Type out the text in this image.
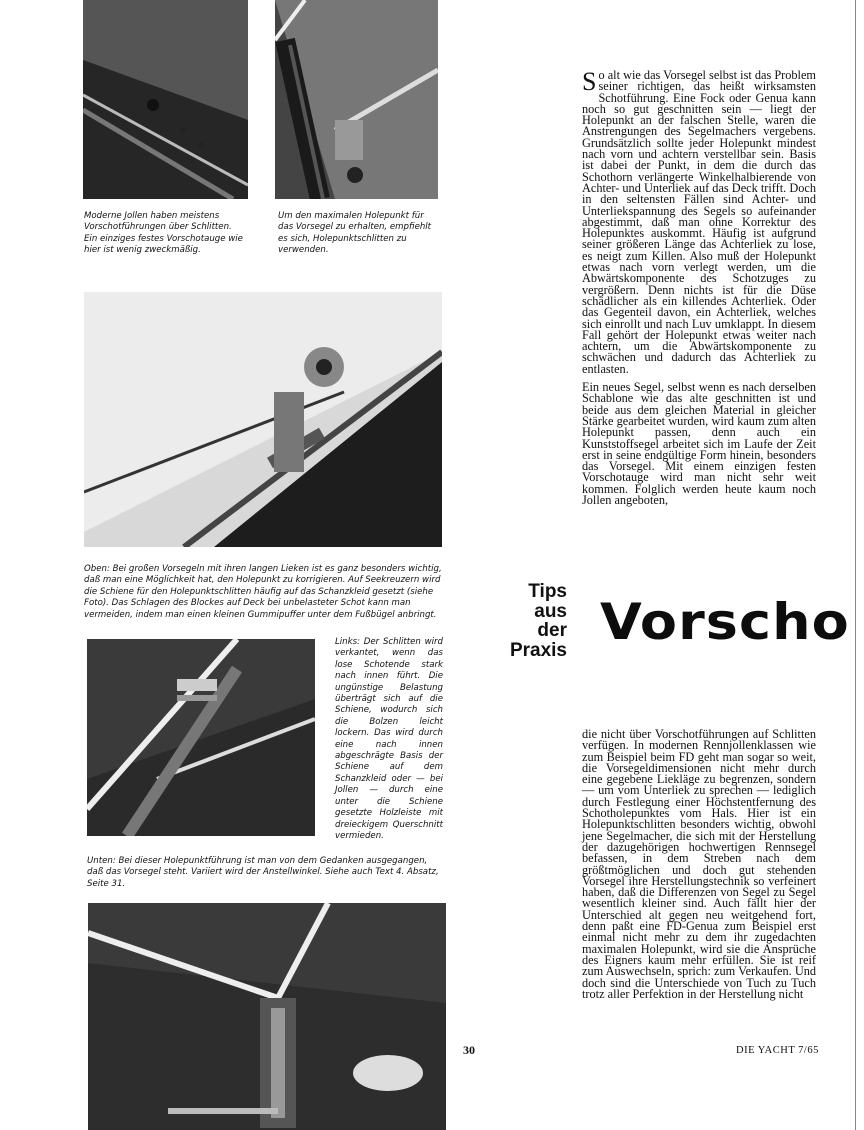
Moderne Jollen haben meistens Vorschotführungen über Schlitten. Ein einziges festes Vorschotauge wie hier ist wenig zweckmäßig.

Um den maximalen Holepunkt für das Vorsegel zu erhalten, empfiehlt es sich, Holepunktschlitten zu verwenden.

Oben: Bei großen Vorsegeln mit ihren langen Lieken ist es ganz besonders wichtig, daß man eine Möglichkeit hat, den Holepunkt zu korrigieren. Auf Seekreuzern wird die Schiene für den Holepunktschlitten häufig auf das Schanzkleid gesetzt (siehe Foto). Das Schlagen des Blockes auf Deck bei unbelasteter Schot kann man vermeiden, indem man einen kleinen Gummipuffer unter dem Fußbügel anbringt.

Links: Der Schlitten wird verkantet, wenn das lose Schotende stark nach innen führt. Die ungünstige Belastung überträgt sich auf die Schiene, wodurch sich die Bolzen leicht lockern. Das wird durch eine nach innen abgeschrägte Basis der Schiene auf dem Schanzkleid oder — bei Jollen — durch eine unter die Schiene gesetzte Holzleiste mit dreieckigem Querschnitt vermieden.

Unten: Bei dieser Holepunktführung ist man von dem Gedanken ausgegangen, daß das Vorsegel steht. Variiert wird der Anstellwinkel. Siehe auch Text 4. Absatz, Seite 31.

So alt wie das Vorsegel selbst ist das Problem seiner richtigen, das heißt wirksamsten Schotführung. Eine Fock oder Genua kann noch so gut geschnitten sein — liegt der Holepunkt an der falschen Stelle, waren die Anstrengungen des Segelmachers vergebens. Grundsätzlich sollte jeder Holepunkt mindest nach vorn und achtern verstellbar sein. Basis ist dabei der Punkt, in dem die durch das Schothorn verlängerte Winkelhalbierende von Achter- und Unterliek auf das Deck trifft. Doch in den seltensten Fällen sind Achter- und Unterliekspannung des Segels so aufeinander abgestimmt, daß man ohne Korrektur des Holepunktes auskommt. Häufig ist aufgrund seiner größeren Länge das Achterliek zu lose, es neigt zum Killen. Also muß der Holepunkt etwas nach vorn verlegt werden, um die Abwärtskomponente des Schotzuges zu vergrößern. Denn nichts ist für die Düse schädlicher als ein killendes Achterliek. Oder das Gegenteil davon, ein Achterliek, welches sich einrollt und nach Luv umklappt. In diesem Fall gehört der Holepunkt etwas weiter nach achtern, um die Abwärtskomponente zu schwächen und dadurch das Achterliek zu entlasten.

Ein neues Segel, selbst wenn es nach derselben Schablone wie das alte geschnitten ist und beide aus dem gleichen Material in gleicher Stärke gearbeitet wurden, wird kaum zum alten Holepunkt passen, denn auch ein Kunststoffsegel arbeitet sich im Laufe der Zeit erst in seine endgültige Form hinein, besonders das Vorsegel. Mit einem einzigen festen Vorschotauge wird man nicht sehr weit kommen. Folglich werden heute kaum noch Jollen angeboten,

Tips
aus
der
Praxis Vorscho

die nicht über Vorschotführungen auf Schlitten verfügen. In modernen Rennjollenklassen wie zum Beispiel beim FD geht man sogar so weit, die Vorsegeldimensionen nicht mehr durch eine gegebene Liekläge zu begrenzen, sondern — um vom Unterliek zu sprechen — lediglich durch Festlegung einer Höchstentfernung des Schotholepunktes vom Hals. Hier ist ein Holepunktschlitten besonders wichtig, obwohl jene Segelmacher, die sich mit der Herstellung der dazugehörigen hochwertigen Rennsegel befassen, in dem Streben nach dem größtmöglichen und doch gut stehenden Vorsegel ihre Herstellungstechnik so verfeinert haben, daß die Differenzen von Segel zu Segel wesentlich kleiner sind. Auch fällt hier der Unterschied alt gegen neu weitgehend fort, denn paßt eine FD-Genua zum Beispiel erst einmal nicht mehr zu dem ihr zugedachten maximalen Holepunkt, wird sie die Ansprüche des Eigners kaum mehr erfüllen. Sie ist reif zum Auswechseln, sprich: zum Verkaufen. Und doch sind die Unterschiede von Tuch zu Tuch trotz aller Perfektion in der Herstellung nicht

30	DIE YACHT 7/65
